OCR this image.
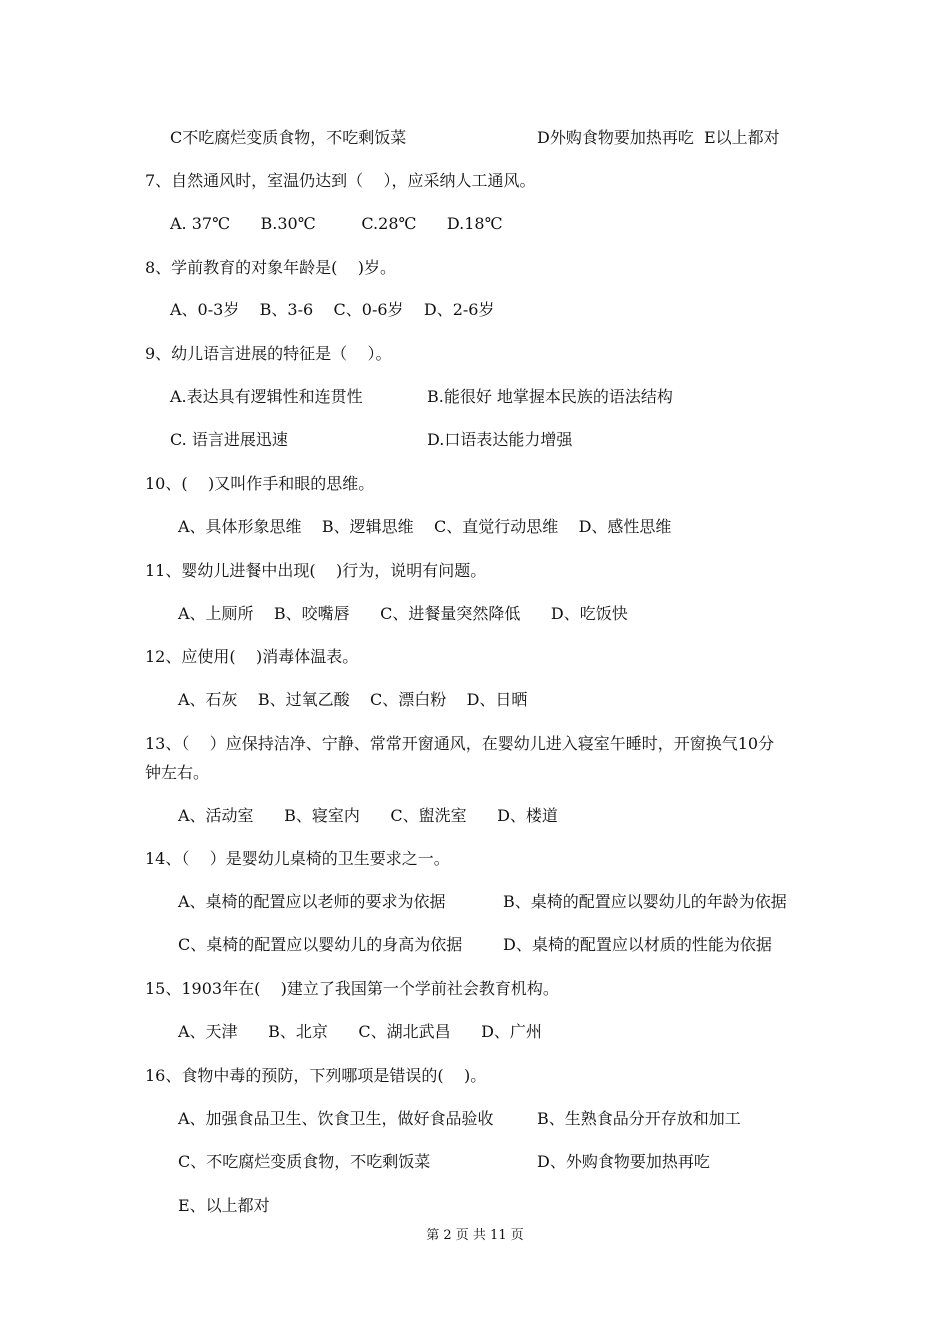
C不吃腐烂变质食物，不吃剩饭菜	D外购食物要加热再吃  E以上都对
7、自然通风时，室温仍达到（    ），应采纳人工通风。
A. 37℃      B.30℃         C.28℃      D.18℃
8、学前教育的对象年龄是(    )岁。
A、0-3岁    B、3-6    C、0-6岁    D、2-6岁
9、幼儿语言进展的特征是（    ）。
A.表达具有逻辑性和连贯性	B.能很好 地掌握本民族的语法结构
C. 语言进展迅速	D.口语表达能力增强
10、(    )又叫作手和眼的思维。
A、具体形象思维    B、逻辑思维    C、直觉行动思维    D、感性思维
11、婴幼儿进餐中出现(    )行为，说明有问题。
A、上厕所    B、咬嘴唇      C、进餐量突然降低      D、吃饭快
12、应使用(    )消毒体温表。
A、石灰    B、过氧乙酸    C、漂白粉    D、日晒
13、（    ）应保持洁净、宁静、常常开窗通风，在婴幼儿进入寝室午睡时，开窗换气10分
钟左右。
A、活动室      B、寝室内      C、盥洗室      D、楼道
14、（    ）是婴幼儿桌椅的卫生要求之一。
A、桌椅的配置应以老师的要求为依据	B、桌椅的配置应以婴幼儿的年龄为依据
C、桌椅的配置应以婴幼儿的身高为依据	D、桌椅的配置应以材质的性能为依据
15、1903年在(    )建立了我国第一个学前社会教育机构。
A、天津      B、北京      C、湖北武昌      D、广州
16、食物中毒的预防，下列哪项是错误的(    )。
A、加强食品卫生、饮食卫生，做好食品验收	B、生熟食品分开存放和加工
C、不吃腐烂变质食物，不吃剩饭菜	D、外购食物要加热再吃
E、以上都对
第 2 页 共 11 页
